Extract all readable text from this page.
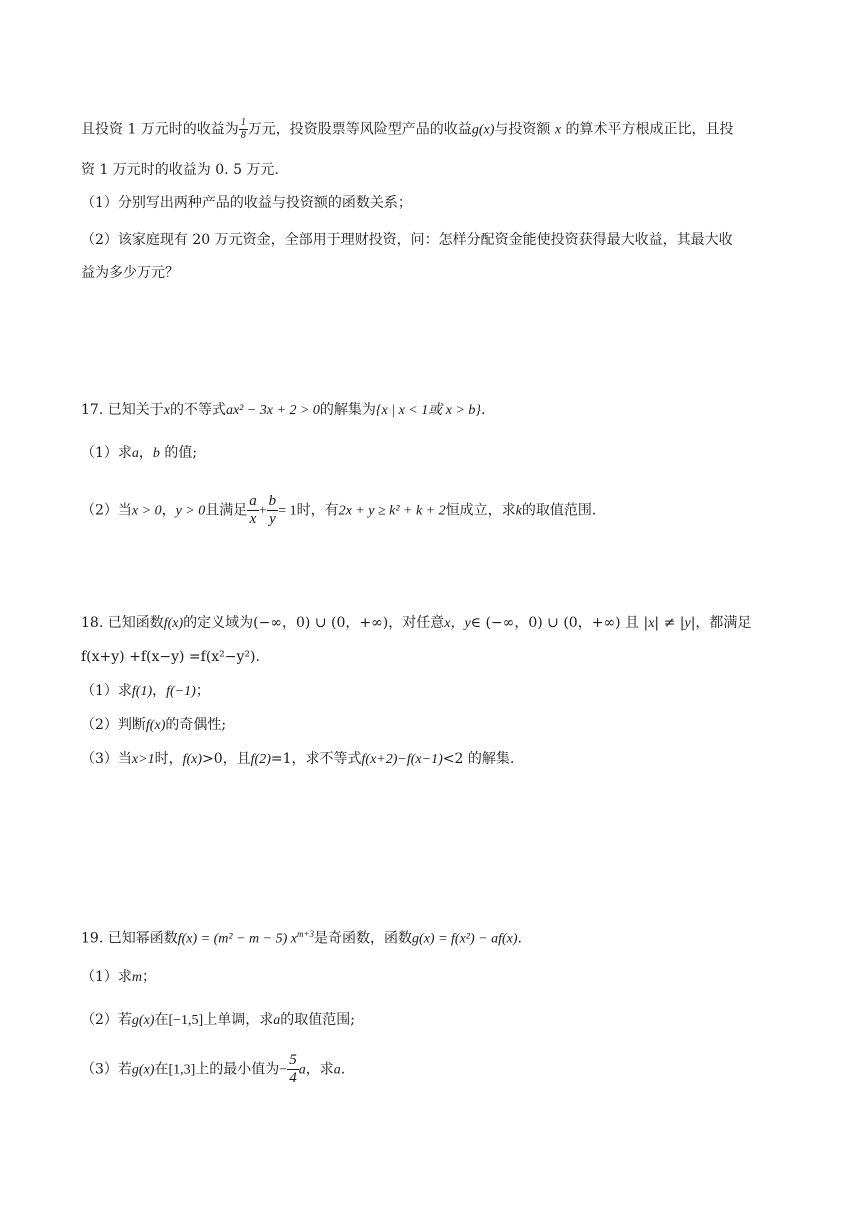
且投资 1 万元时的收益为 $\frac{1}{8}$ 万元，投资股票等风险型产品的收益g(x)与投资额 x 的算术平方根成正比，且投
资 1 万元时的收益为 0. 5 万元.
（1）分别写出两种产品的收益与投资额的函数关系；
（2）该家庭现有 20 万元资金，全部用于理财投资，问：怎样分配资金能使投资获得最大收益，其最大收
益为多少万元？
17. 已知关于x的不等式ax² − 3x + 2 > 0的解集为{x | x < 1或 x > b}.
（1）求a，b 的值;
（2）当x > 0，y > 0且满足 $\frac{a}{x} + \frac{b}{y} = 1$时，有2x + y ≥ k² + k + 2恒成立，求k的取值范围.
18. 已知函数f(x)的定义域为(−∞，0) ∪ (0，+∞)，对任意x，y∈ (−∞，0) ∪ (0，+∞) 且 |x| ≠ |y|，都满足
f(x+y) +f(x−y) =f(x²−y²).
（1）求f(1)，f(−1)；
（2）判断f(x)的奇偶性;
（3）当x>1时，f(x)>0，且f(2)=1，求不等式f(x+2)−f(x−1)<2 的解集.
19. 已知幂函数f(x) = (m² − m − 5) $x^{m+3}$是奇函数，函数g(x) = f(x²) − af(x).
（1）求m；
（2）若g(x)在[−1,5]上单调，求a的取值范围;
（3）若g(x)在[1,3]上的最小值为− $\frac{5}{4}$ a，求a.
